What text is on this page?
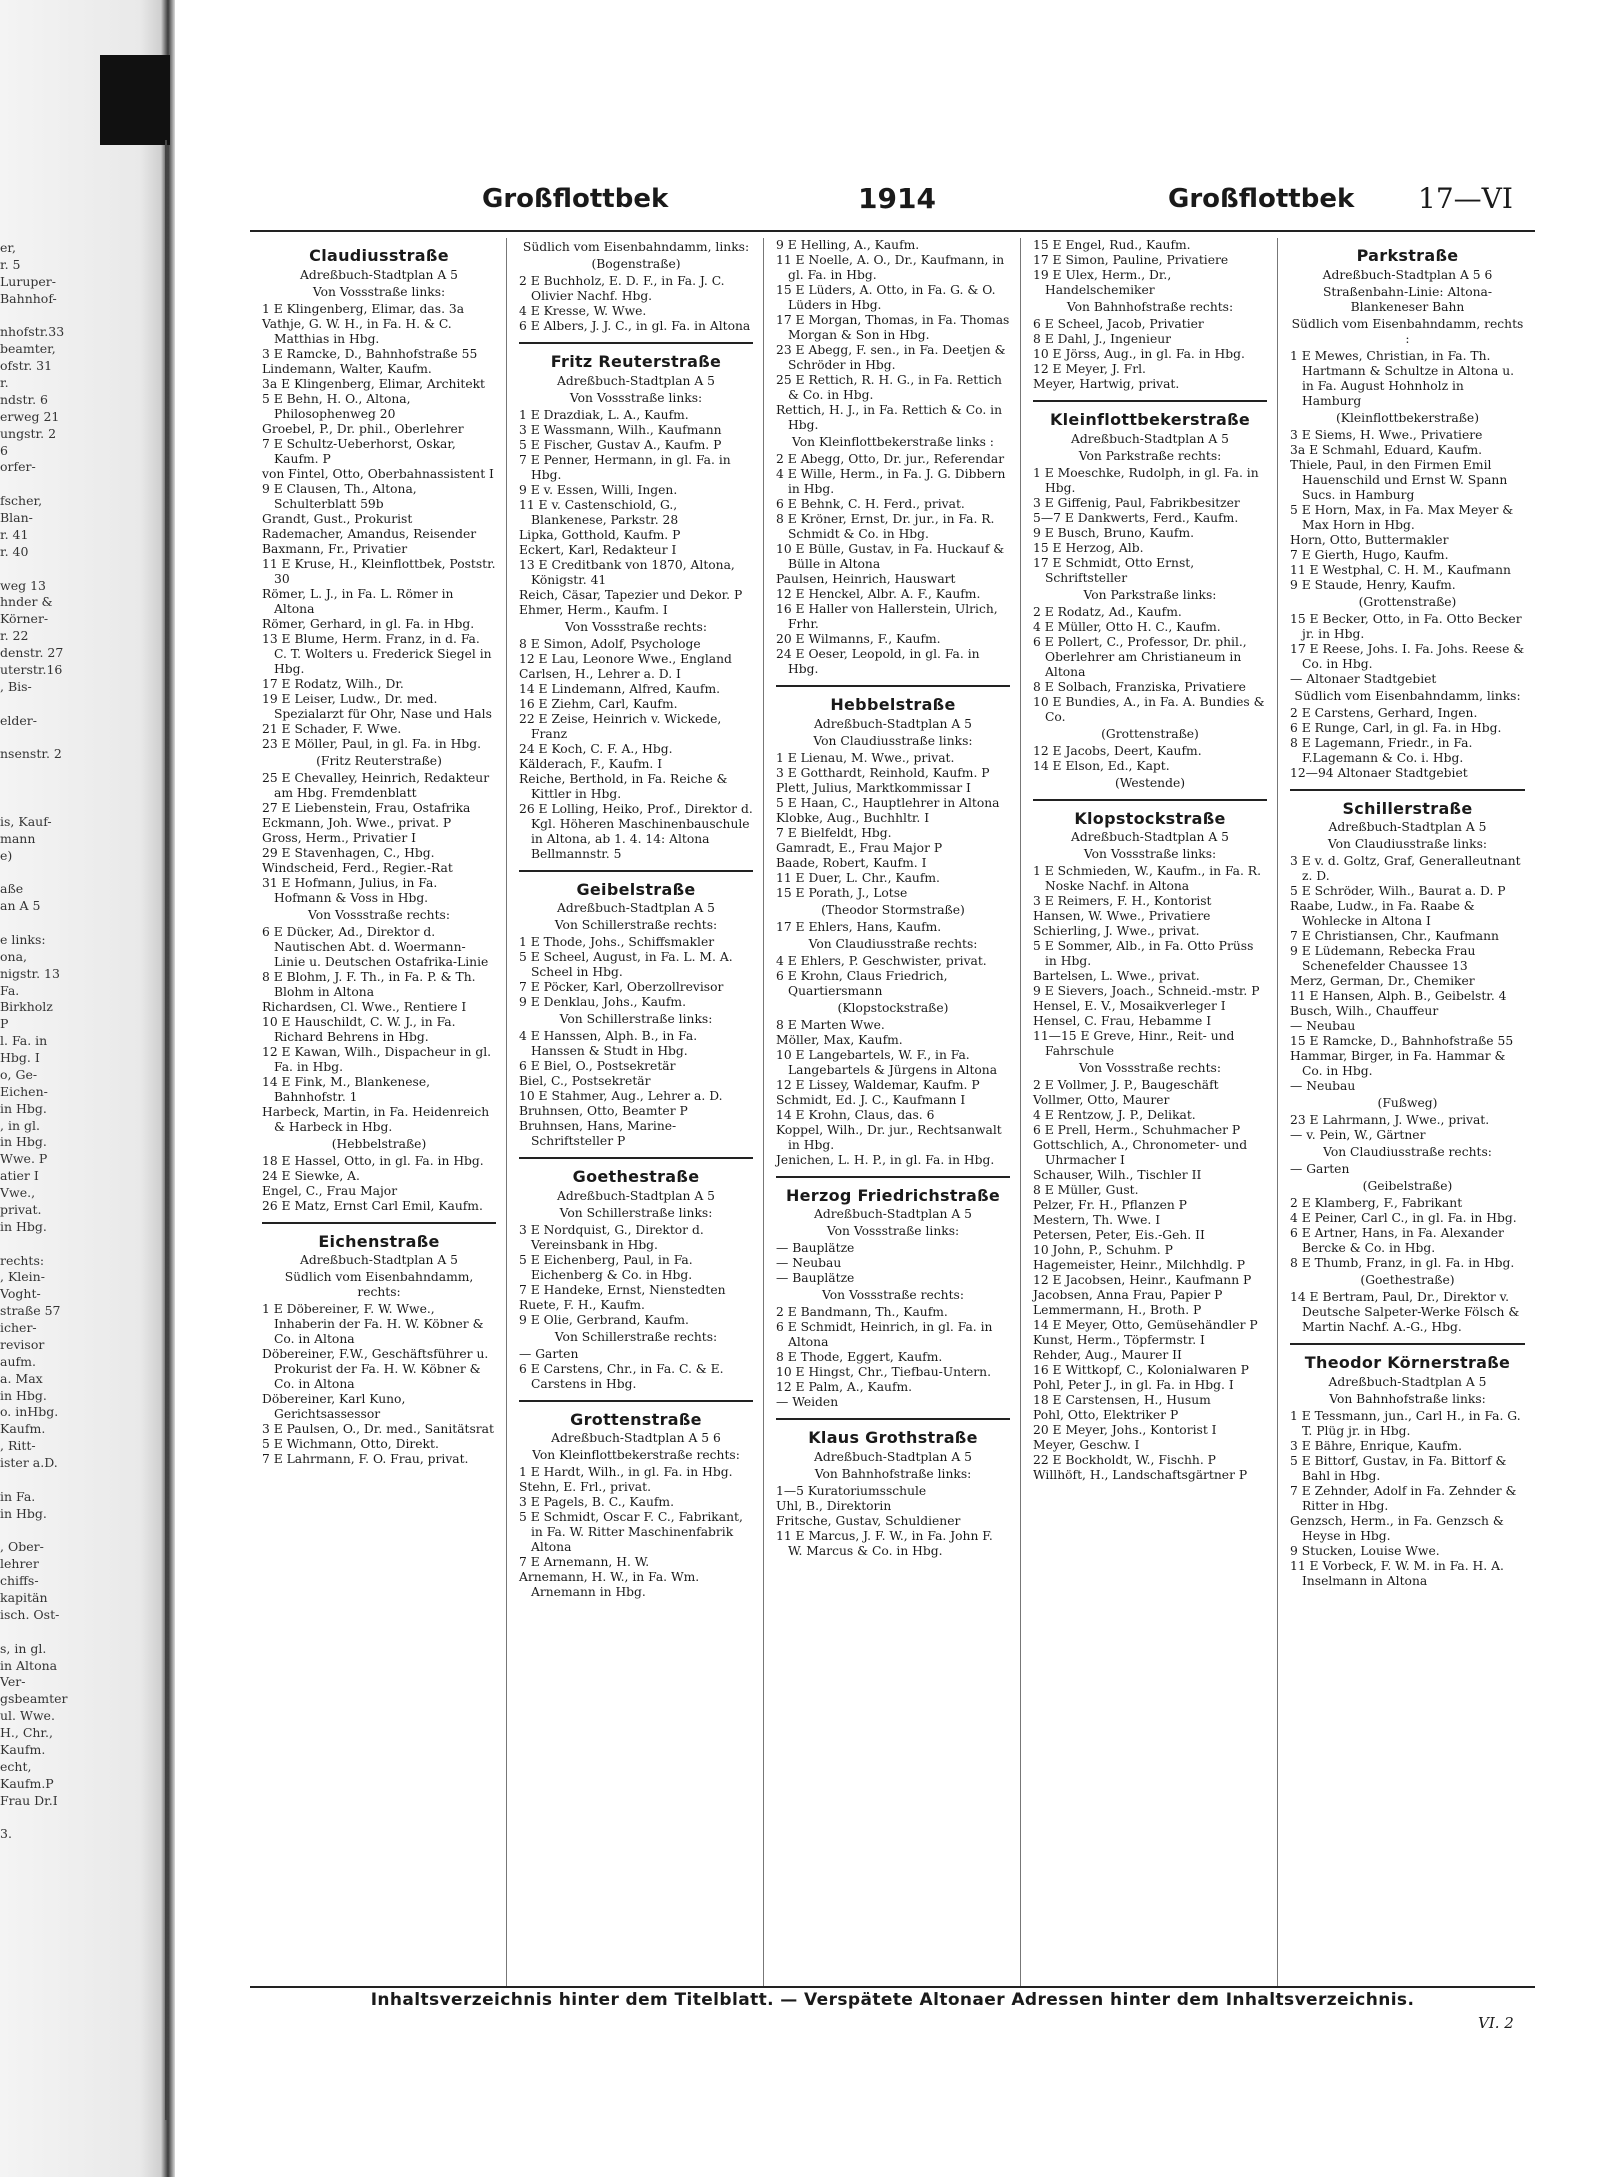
er,
r. 5
Luruper-
Bahnhof-

nhofstr.33
beamter,
ofstr. 31
r.
ndstr. 6
erweg 21
ungstr. 2
6
orfer-

fscher,
Blan-
r. 41
r. 40

weg 13
hnder &
Körner-
r. 22
denstr. 27
uterstr.16
, Bis-

elder-

nsenstr. 2

is, Kauf-
mann
e)

aße
an A 5

e links:
ona,
nigstr. 13
Fa.
Birkholz
P
l. Fa. in
Hbg. I
o, Ge-
Eichen-
in Hbg.
, in gl.
in Hbg.
Wwe. P
atier I
Vwe.,
privat.
in Hbg.

rechts:
, Klein-
Voght-
straße 57
icher-
revisor
aufm.
a. Max
in Hbg.
o. inHbg.
Kaufm.
, Ritt-
ister a.D.

in Fa.
in Hbg.

, Ober-
lehrer
chiffs-
kapitän
isch. Ost-

s, in gl.
in Altona
Ver-
gsbeamter
ul. Wwe.
H., Chr.,
Kaufm.
echt,
Kaufm.P
Frau Dr.I

3.
Großflottbek	1914	Großflottbek 17—VI

Claudiusstraße

Adreßbuch-Stadtplan A 5

Von Vossstraße links:

1 E Klingenberg, Elimar, das. 3a

Vathje, G. W. H., in Fa. H. & C. Matthias in Hbg.

3 E Ramcke, D., Bahnhofstraße 55

Lindemann, Walter, Kaufm.

3a E Klingenberg, Elimar, Architekt

5 E Behn, H. O., Altona, Philosophenweg 20

Groebel, P., Dr. phil., Oberlehrer

7 E Schultz-Ueberhorst, Oskar, Kaufm. P

von Fintel, Otto, Oberbahnassistent I

9 E Clausen, Th., Altona, Schulterblatt 59b

Grandt, Gust., Prokurist

Rademacher, Amandus, Reisender

Baxmann, Fr., Privatier

11 E Kruse, H., Kleinflottbek, Poststr. 30

Römer, L. J., in Fa. L. Römer in Altona

Römer, Gerhard, in gl. Fa. in Hbg.

13 E Blume, Herm. Franz, in d. Fa. C. T. Wolters u. Frederick Siegel in Hbg.

17 E Rodatz, Wilh., Dr.

19 E Leiser, Ludw., Dr. med. Spezialarzt für Ohr, Nase und Hals

21 E Schader, F. Wwe.

23 E Möller, Paul, in gl. Fa. in Hbg.

(Fritz Reuterstraße)

25 E Chevalley, Heinrich, Redakteur am Hbg. Fremdenblatt

27 E Liebenstein, Frau, Ostafrika

Eckmann, Joh. Wwe., privat. P

Gross, Herm., Privatier I

29 E Stavenhagen, C., Hbg.

Windscheid, Ferd., Regier.-Rat

31 E Hofmann, Julius, in Fa. Hofmann & Voss in Hbg.

Von Vossstraße rechts:

6 E Dücker, Ad., Direktor d. Nautischen Abt. d. Woermann-Linie u. Deutschen Ostafrika-Linie

8 E Blohm, J. F. Th., in Fa. P. & Th. Blohm in Altona

Richardsen, Cl. Wwe., Rentiere I

10 E Hauschildt, C. W. J., in Fa. Richard Behrens in Hbg.

12 E Kawan, Wilh., Dispacheur in gl. Fa. in Hbg.

14 E Fink, M., Blankenese, Bahnhofstr. 1

Harbeck, Martin, in Fa. Heidenreich & Harbeck in Hbg.

(Hebbelstraße)

18 E Hassel, Otto, in gl. Fa. in Hbg.

24 E Siewke, A.

Engel, C., Frau Major

26 E Matz, Ernst Carl Emil, Kaufm.

Eichenstraße

Adreßbuch-Stadtplan A 5

Südlich vom Eisenbahndamm, rechts:

1 E Döbereiner, F. W. Wwe., Inhaberin der Fa. H. W. Köbner & Co. in Altona

Döbereiner, F.W., Geschäftsführer u. Prokurist der Fa. H. W. Köbner & Co. in Altona

Döbereiner, Karl Kuno, Gerichtsassessor

3 E Paulsen, O., Dr. med., Sanitätsrat

5 E Wichmann, Otto, Direkt.

7 E Lahrmann, F. O. Frau, privat.

Südlich vom Eisenbahndamm, links:

(Bogenstraße)

2 E Buchholz, E. D. F., in Fa. J. C. Olivier Nachf. Hbg.

4 E Kresse, W. Wwe.

6 E Albers, J. J. C., in gl. Fa. in Altona

Fritz Reuterstraße

Adreßbuch-Stadtplan A 5

Von Vossstraße links:

1 E Drazdiak, L. A., Kaufm.

3 E Wassmann, Wilh., Kaufmann

5 E Fischer, Gustav A., Kaufm. P

7 E Penner, Hermann, in gl. Fa. in Hbg.

9 E v. Essen, Willi, Ingen.

11 E v. Castenschiold, G., Blankenese, Parkstr. 28

Lipka, Gotthold, Kaufm. P

Eckert, Karl, Redakteur I

13 E Creditbank von 1870, Altona, Königstr. 41

Reich, Cäsar, Tapezier und Dekor. P

Ehmer, Herm., Kaufm. I

Von Vossstraße rechts:

8 E Simon, Adolf, Psychologe

12 E Lau, Leonore Wwe., England

Carlsen, H., Lehrer a. D. I

14 E Lindemann, Alfred, Kaufm.

16 E Ziehm, Carl, Kaufm.

22 E Zeise, Heinrich v. Wickede, Franz

24 E Koch, C. F. A., Hbg.

Kälderach, F., Kaufm. I

Reiche, Berthold, in Fa. Reiche & Kittler in Hbg.

26 E Lolling, Heiko, Prof., Direktor d. Kgl. Höheren Maschinenbauschule in Altona, ab 1. 4. 14: Altona Bellmannstr. 5

Geibelstraße

Adreßbuch-Stadtplan A 5

Von Schillerstraße rechts:

1 E Thode, Johs., Schiffsmakler

5 E Scheel, August, in Fa. L. M. A. Scheel in Hbg.

7 E Pöcker, Karl, Oberzollrevisor

9 E Denklau, Johs., Kaufm.

Von Schillerstraße links:

4 E Hanssen, Alph. B., in Fa. Hanssen & Studt in Hbg.

6 E Biel, O., Postsekretär

Biel, C., Postsekretär

10 E Stahmer, Aug., Lehrer a. D.

Bruhnsen, Otto, Beamter P

Bruhnsen, Hans, Marine-Schriftsteller P

Goethestraße

Adreßbuch-Stadtplan A 5

Von Schillerstraße links:

3 E Nordquist, G., Direktor d. Vereinsbank in Hbg.

5 E Eichenberg, Paul, in Fa. Eichenberg & Co. in Hbg.

7 E Handeke, Ernst, Nienstedten

Ruete, F. H., Kaufm.

9 E Olie, Gerbrand, Kaufm.

Von Schillerstraße rechts:

— Garten

6 E Carstens, Chr., in Fa. C. & E. Carstens in Hbg.

Grottenstraße

Adreßbuch-Stadtplan A 5 6

Von Kleinflottbekerstraße rechts:

1 E Hardt, Wilh., in gl. Fa. in Hbg.

Stehn, E. Frl., privat.

3 E Pagels, B. C., Kaufm.

5 E Schmidt, Oscar F. C., Fabrikant, in Fa. W. Ritter Maschinenfabrik Altona

7 E Arnemann, H. W.

Arnemann, H. W., in Fa. Wm. Arnemann in Hbg.

9 E Helling, A., Kaufm.

11 E Noelle, A. O., Dr., Kaufmann, in gl. Fa. in Hbg.

15 E Lüders, A. Otto, in Fa. G. & O. Lüders in Hbg.

17 E Morgan, Thomas, in Fa. Thomas Morgan & Son in Hbg.

23 E Abegg, F. sen., in Fa. Deetjen & Schröder in Hbg.

25 E Rettich, R. H. G., in Fa. Rettich & Co. in Hbg.

Rettich, H. J., in Fa. Rettich & Co. in Hbg.

Von Kleinflottbekerstraße links :

2 E Abegg, Otto, Dr. jur., Referendar

4 E Wille, Herm., in Fa. J. G. Dibbern in Hbg.

6 E Behnk, C. H. Ferd., privat.

8 E Kröner, Ernst, Dr. jur., in Fa. R. Schmidt & Co. in Hbg.

10 E Bülle, Gustav, in Fa. Huckauf & Bülle in Altona

Paulsen, Heinrich, Hauswart

12 E Henckel, Albr. A. F., Kaufm.

16 E Haller von Hallerstein, Ulrich, Frhr.

20 E Wilmanns, F., Kaufm.

24 E Oeser, Leopold, in gl. Fa. in Hbg.

Hebbelstraße

Adreßbuch-Stadtplan A 5

Von Claudiusstraße links:

1 E Lienau, M. Wwe., privat.

3 E Gotthardt, Reinhold, Kaufm. P

Plett, Julius, Marktkommissar I

5 E Haan, C., Hauptlehrer in Altona

Klobke, Aug., Buchhltr. I

7 E Bielfeldt, Hbg.

Gamradt, E., Frau Major P

Baade, Robert, Kaufm. I

11 E Duer, L. Chr., Kaufm.

15 E Porath, J., Lotse

(Theodor Stormstraße)

17 E Ehlers, Hans, Kaufm.

Von Claudiusstraße rechts:

4 E Ehlers, P. Geschwister, privat.

6 E Krohn, Claus Friedrich, Quartiersmann

(Klopstockstraße)

8 E Marten Wwe.

Möller, Max, Kaufm.

10 E Langebartels, W. F., in Fa. Langebartels & Jürgens in Altona

12 E Lissey, Waldemar, Kaufm. P

Schmidt, Ed. J. C., Kaufmann I

14 E Krohn, Claus, das. 6

Koppel, Wilh., Dr. jur., Rechtsanwalt in Hbg.

Jenichen, L. H. P., in gl. Fa. in Hbg.

Herzog Friedrichstraße

Adreßbuch-Stadtplan A 5

Von Vossstraße links:

— Bauplätze

— Neubau

— Bauplätze

Von Vossstraße rechts:

2 E Bandmann, Th., Kaufm.

6 E Schmidt, Heinrich, in gl. Fa. in Altona

8 E Thode, Eggert, Kaufm.

10 E Hingst, Chr., Tiefbau-Untern.

12 E Palm, A., Kaufm.

— Weiden

Klaus Grothstraße

Adreßbuch-Stadtplan A 5

Von Bahnhofstraße links:

1—5 Kuratoriumsschule

Uhl, B., Direktorin

Fritsche, Gustav, Schuldiener

11 E Marcus, J. F. W., in Fa. John F. W. Marcus & Co. in Hbg.

15 E Engel, Rud., Kaufm.

17 E Simon, Pauline, Privatiere

19 E Ulex, Herm., Dr., Handelschemiker

Von Bahnhofstraße rechts:

6 E Scheel, Jacob, Privatier

8 E Dahl, J., Ingenieur

10 E Jörss, Aug., in gl. Fa. in Hbg.

12 E Meyer, J. Frl.

Meyer, Hartwig, privat.

Kleinflottbekerstraße

Adreßbuch-Stadtplan A 5

Von Parkstraße rechts:

1 E Moeschke, Rudolph, in gl. Fa. in Hbg.

3 E Giffenig, Paul, Fabrikbesitzer

5—7 E Dankwerts, Ferd., Kaufm.

9 E Busch, Bruno, Kaufm.

15 E Herzog, Alb.

17 E Schmidt, Otto Ernst, Schriftsteller

Von Parkstraße links:

2 E Rodatz, Ad., Kaufm.

4 E Müller, Otto H. C., Kaufm.

6 E Pollert, C., Professor, Dr. phil., Oberlehrer am Christianeum in Altona

8 E Solbach, Franziska, Privatiere

10 E Bundies, A., in Fa. A. Bundies & Co.

(Grottenstraße)

12 E Jacobs, Deert, Kaufm.

14 E Elson, Ed., Kapt.

(Westende)

Klopstockstraße

Adreßbuch-Stadtplan A 5

Von Vossstraße links:

1 E Schmieden, W., Kaufm., in Fa. R. Noske Nachf. in Altona

3 E Reimers, F. H., Kontorist

Hansen, W. Wwe., Privatiere

Schierling, J. Wwe., privat.

5 E Sommer, Alb., in Fa. Otto Prüss in Hbg.

Bartelsen, L. Wwe., privat.

9 E Sievers, Joach., Schneid.-mstr. P

Hensel, E. V., Mosaikverleger I

Hensel, C. Frau, Hebamme I

11—15 E Greve, Hinr., Reit- und Fahrschule

Von Vossstraße rechts:

2 E Vollmer, J. P., Baugeschäft

Vollmer, Otto, Maurer

4 E Rentzow, J. P., Delikat.

6 E Prell, Herm., Schuhmacher P

Gottschlich, A., Chronometer- und Uhrmacher I

Schauser, Wilh., Tischler II

8 E Müller, Gust.

Pelzer, Fr. H., Pflanzen P

Mestern, Th. Wwe. I

Petersen, Peter, Eis.-Geh. II

10 John, P., Schuhm. P

Hagemeister, Heinr., Milchhdlg. P

12 E Jacobsen, Heinr., Kaufmann P

Jacobsen, Anna Frau, Papier P

Lemmermann, H., Broth. P

14 E Meyer, Otto, Gemüsehändler P

Kunst, Herm., Töpfermstr. I

Rehder, Aug., Maurer II

16 E Wittkopf, C., Kolonialwaren P

Pohl, Peter J., in gl. Fa. in Hbg. I

18 E Carstensen, H., Husum

Pohl, Otto, Elektriker P

20 E Meyer, Johs., Kontorist I

Meyer, Geschw. I

22 E Bockholdt, W., Fischh. P

Willhöft, H., Landschaftsgärtner P

Parkstraße

Adreßbuch-Stadtplan A 5 6

Straßenbahn-Linie: Altona-Blankeneser Bahn

Südlich vom Eisenbahndamm, rechts :

1 E Mewes, Christian, in Fa. Th. Hartmann & Schultze in Altona u. in Fa. August Hohnholz in Hamburg

(Kleinflottbekerstraße)

3 E Siems, H. Wwe., Privatiere

3a E Schmahl, Eduard, Kaufm.

Thiele, Paul, in den Firmen Emil Hauenschild und Ernst W. Spann Sucs. in Hamburg

5 E Horn, Max, in Fa. Max Meyer & Max Horn in Hbg.

Horn, Otto, Buttermakler

7 E Gierth, Hugo, Kaufm.

11 E Westphal, C. H. M., Kaufmann

9 E Staude, Henry, Kaufm.

(Grottenstraße)

15 E Becker, Otto, in Fa. Otto Becker jr. in Hbg.

17 E Reese, Johs. I. Fa. Johs. Reese & Co. in Hbg.

— Altonaer Stadtgebiet

Südlich vom Eisenbahndamm, links:

2 E Carstens, Gerhard, Ingen.

6 E Runge, Carl, in gl. Fa. in Hbg.

8 E Lagemann, Friedr., in Fa. F.Lagemann & Co. i. Hbg.

12—94 Altonaer Stadtgebiet

Schillerstraße

Adreßbuch-Stadtplan A 5

Von Claudiusstraße links:

3 E v. d. Goltz, Graf, Generalleutnant z. D.

5 E Schröder, Wilh., Baurat a. D. P

Raabe, Ludw., in Fa. Raabe & Wohlecke in Altona I

7 E Christiansen, Chr., Kaufmann

9 E Lüdemann, Rebecka Frau Schenefelder Chaussee 13

Merz, German, Dr., Chemiker

11 E Hansen, Alph. B., Geibelstr. 4

Busch, Wilh., Chauffeur

— Neubau

15 E Ramcke, D., Bahnhofstraße 55

Hammar, Birger, in Fa. Hammar & Co. in Hbg.

— Neubau

(Fußweg)

23 E Lahrmann, J. Wwe., privat.

— v. Pein, W., Gärtner

Von Claudiusstraße rechts:

— Garten

(Geibelstraße)

2 E Klamberg, F., Fabrikant

4 E Peiner, Carl C., in gl. Fa. in Hbg.

6 E Artner, Hans, in Fa. Alexander Bercke & Co. in Hbg.

8 E Thumb, Franz, in gl. Fa. in Hbg.

(Goethestraße)

14 E Bertram, Paul, Dr., Direktor v. Deutsche Salpeter-Werke Fölsch & Martin Nachf. A.-G., Hbg.

Theodor Körnerstraße

Adreßbuch-Stadtplan A 5

Von Bahnhofstraße links:

1 E Tessmann, jun., Carl H., in Fa. G. T. Plüg jr. in Hbg.

3 E Bähre, Enrique, Kaufm.

5 E Bittorf, Gustav, in Fa. Bittorf & Bahl in Hbg.

7 E Zehnder, Adolf in Fa. Zehnder & Ritter in Hbg.

Genzsch, Herm., in Fa. Genzsch & Heyse in Hbg.

9 Stucken, Louise Wwe.

11 E Vorbeck, F. W. M. in Fa. H. A. Inselmann in Altona

Inhaltsverzeichnis hinter dem Titelblatt. — Verspätete Altonaer Adressen hinter dem Inhaltsverzeichnis.
VI. 2
